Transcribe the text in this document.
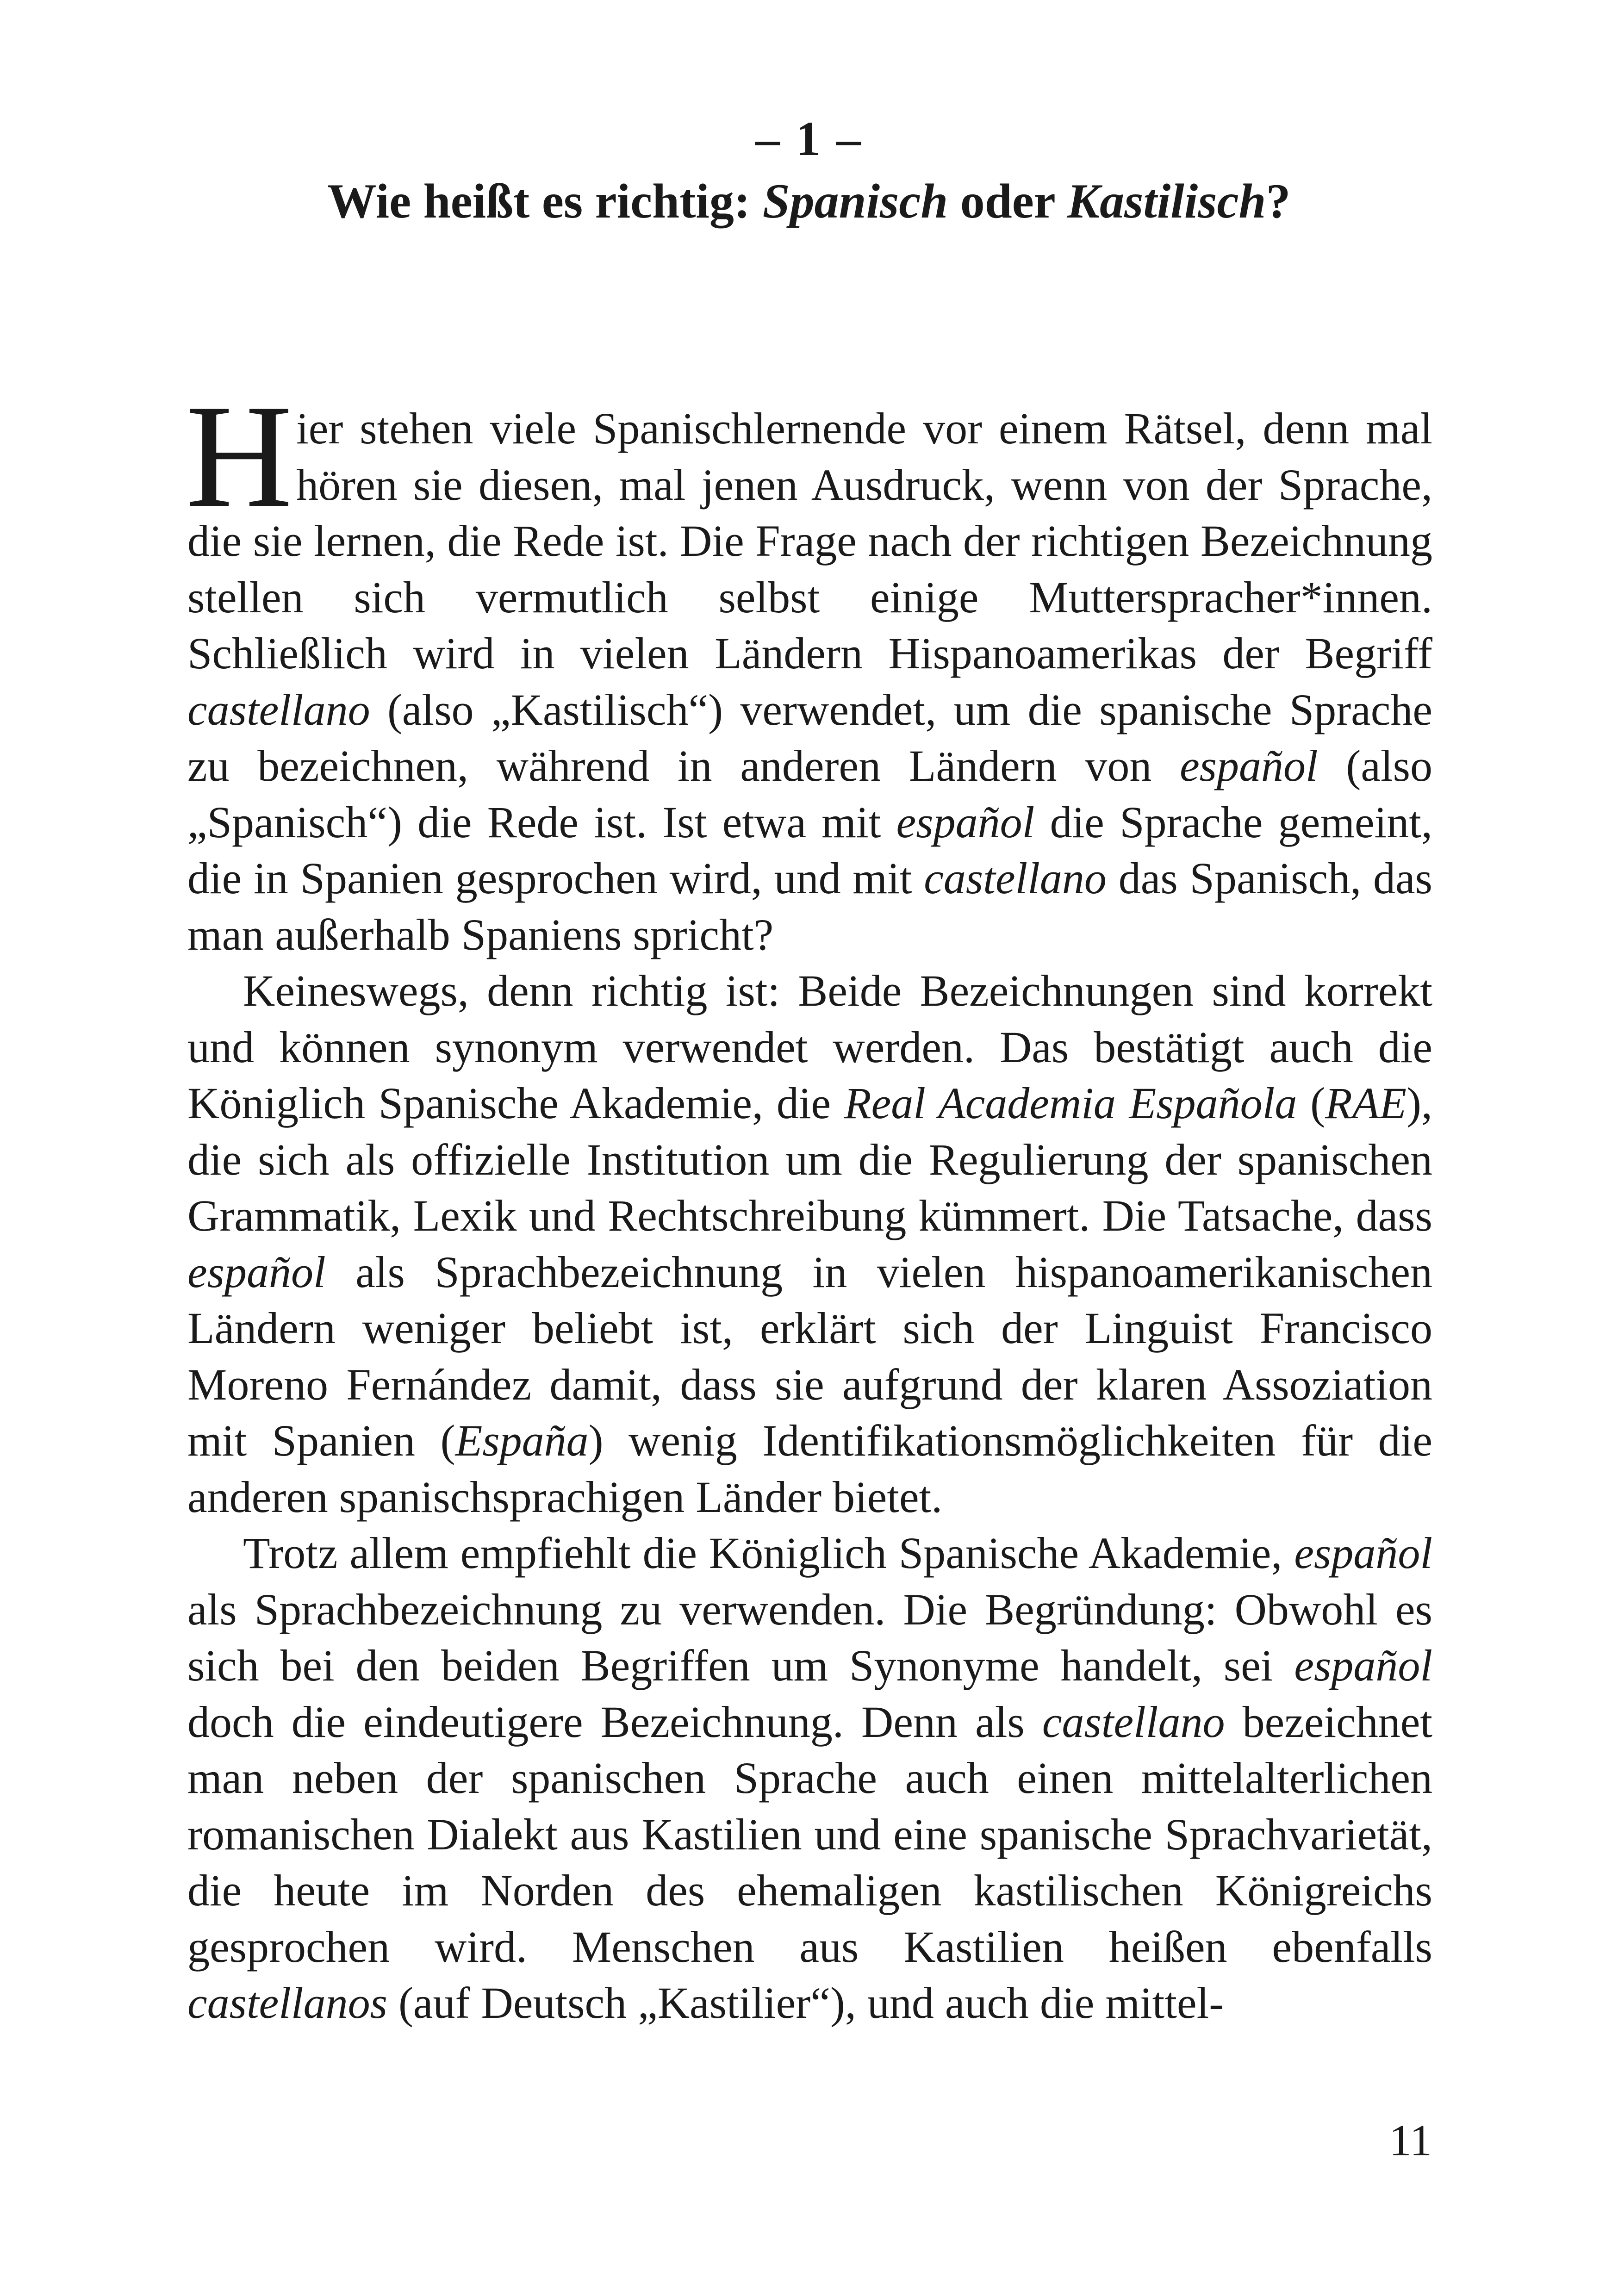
– 1 –
Wie heißt es richtig: Spanisch oder Kastilisch?

Hier stehen viele Spanischlernende vor einem Rätsel, denn mal hören sie diesen, mal jenen Ausdruck, wenn von der Sprache, die sie lernen, die Rede ist. Die Frage nach der richtigen Bezeichnung stellen sich vermutlich selbst einige Mutterspracher*innen. Schließlich wird in vielen Ländern Hispanoamerikas der Begriff castellano (also „Kastilisch“) verwendet, um die spanische Sprache zu bezeichnen, während in anderen Ländern von español (also „Spanisch“) die Rede ist. Ist etwa mit español die Sprache gemeint, die in Spanien gesprochen wird, und mit castellano das Spanisch, das man außerhalb Spaniens spricht?

Keineswegs, denn richtig ist: Beide Bezeichnungen sind korrekt und können synonym verwendet werden. Das bestätigt auch die Königlich Spanische Akademie, die Real Academia Española (RAE), die sich als offizielle Institution um die Regulierung der spanischen Grammatik, Lexik und Rechtschreibung kümmert. Die Tatsache, dass español als Sprachbezeichnung in vielen hispanoamerikanischen Ländern weniger beliebt ist, erklärt sich der Linguist Francisco Moreno Fernández damit, dass sie aufgrund der klaren Assoziation mit Spanien (España) wenig Identifikationsmöglichkeiten für die anderen spanischsprachigen Länder bietet.

Trotz allem empfiehlt die Königlich Spanische Akademie, español als Sprachbezeichnung zu verwenden. Die Begründung: Obwohl es sich bei den beiden Begriffen um Synonyme handelt, sei español doch die eindeutigere Bezeichnung. Denn als castellano bezeichnet man neben der spanischen Sprache auch einen mittelalterlichen romanischen Dialekt aus Kastilien und eine spanische Sprachvarietät, die heute im Norden des ehemaligen kastilischen Königreichs gesprochen wird. Menschen aus Kastilien heißen ebenfalls castellanos (auf Deutsch „Kastilier“), und auch die mittel-

11
